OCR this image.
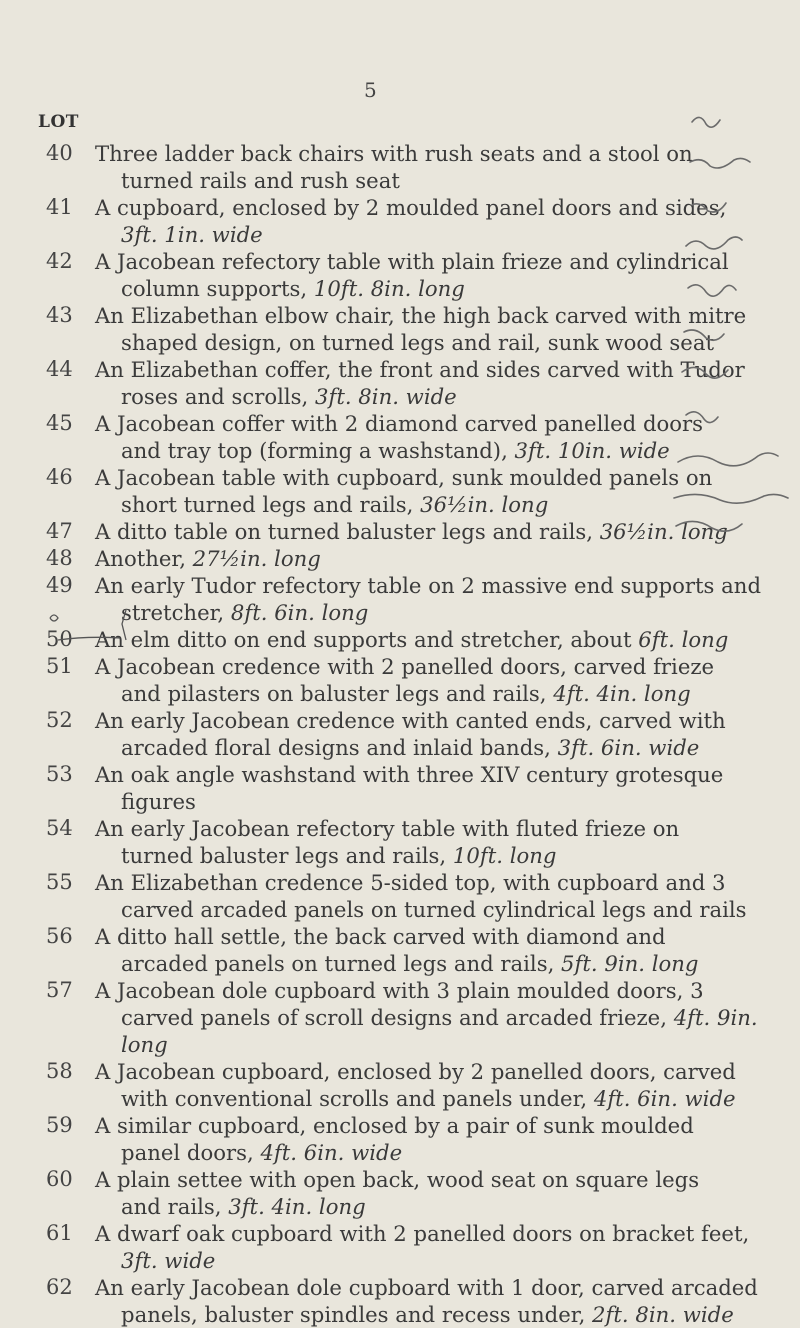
5
LOT
40 Three ladder back chairs with rush seats and a stool on
turned rails and rush seat
41 A cupboard, enclosed by 2 moulded panel doors and sides,
3ft. 1in. wide
42 A Jacobean refectory table with plain frieze and cylindrical
column supports, 10ft. 8in. long
43 An Elizabethan elbow chair, the high back carved with mitre
shaped design, on turned legs and rail, sunk wood seat
44 An Elizabethan coffer, the front and sides carved with Tudor
roses and scrolls, 3ft. 8in. wide
45 A Jacobean coffer with 2 diamond carved panelled doors
and tray top (forming a washstand), 3ft. 10in. wide
46 A Jacobean table with cupboard, sunk moulded panels on
short turned legs and rails, 36½in. long
47 A ditto table on turned baluster legs and rails, 36½in. long
48 Another, 27½in. long
49 An early Tudor refectory table on 2 massive end supports and
stretcher, 8ft. 6in. long
50 An elm ditto on end supports and stretcher, about 6ft. long
51 A Jacobean credence with 2 panelled doors, carved frieze
and pilasters on baluster legs and rails, 4ft. 4in. long
52 An early Jacobean credence with canted ends, carved with
arcaded floral designs and inlaid bands, 3ft. 6in. wide
53 An oak angle washstand with three XIV century grotesque
figures
54 An early Jacobean refectory table with fluted frieze on
turned baluster legs and rails, 10ft. long
55 An Elizabethan credence 5-sided top, with cupboard and 3
carved arcaded panels on turned cylindrical legs and rails
56 A ditto hall settle, the back carved with diamond and
arcaded panels on turned legs and rails, 5ft. 9in. long
57 A Jacobean dole cupboard with 3 plain moulded doors, 3
carved panels of scroll designs and arcaded frieze, 4ft. 9in.
long
58 A Jacobean cupboard, enclosed by 2 panelled doors, carved
with conventional scrolls and panels under, 4ft. 6in. wide
59 A similar cupboard, enclosed by a pair of sunk moulded
panel doors, 4ft. 6in. wide
60 A plain settee with open back, wood seat on square legs
and rails, 3ft. 4in. long
61 A dwarf oak cupboard with 2 panelled doors on bracket feet,
3ft. wide
62 An early Jacobean dole cupboard with 1 door, carved arcaded
panels, baluster spindles and recess under, 2ft. 8in. wide
